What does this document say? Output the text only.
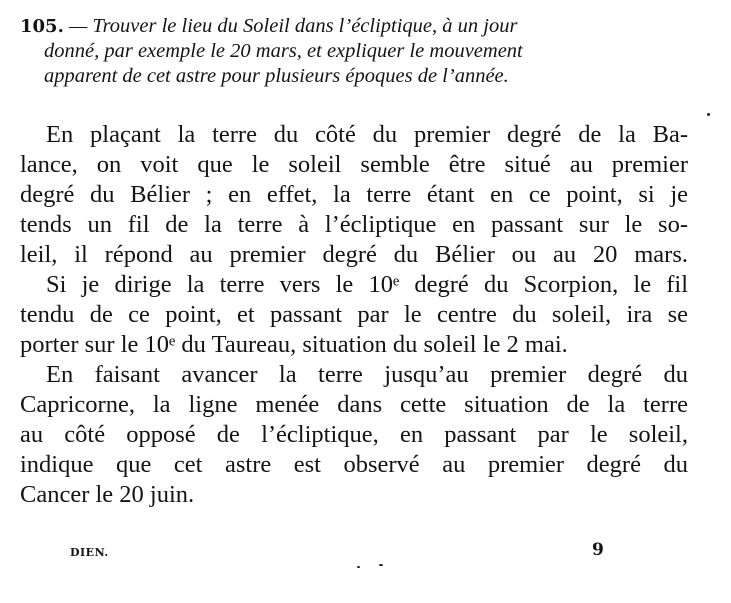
105. — Trouver le lieu du Soleil dans l’écliptique, à un jour
donné, par exemple le 20 mars, et expliquer le mouvement
apparent de cet astre pour plusieurs époques de l’année.
En plaçant la terre du côté du premier degré de la Ba-
lance, on voit que le soleil semble être situé au premier
degré du Bélier ; en effet, la terre étant en ce point, si je
tends un fil de la terre à l’écliptique en passant sur le so-
leil, il répond au premier degré du Bélier ou au 20 mars.
Si je dirige la terre vers le 10ᵉ degré du Scorpion, le fil
tendu de ce point, et passant par le centre du soleil, ira se
porter sur le 10ᵉ du Taureau, situation du soleil le 2 mai.
En faisant avancer la terre jusqu’au premier degré du
Capricorne, la ligne menée dans cette situation de la terre
au côté opposé de l’écliptique, en passant par le soleil,
indique que cet astre est observé au premier degré du
Cancer le 20 juin.
DIEN.	9
